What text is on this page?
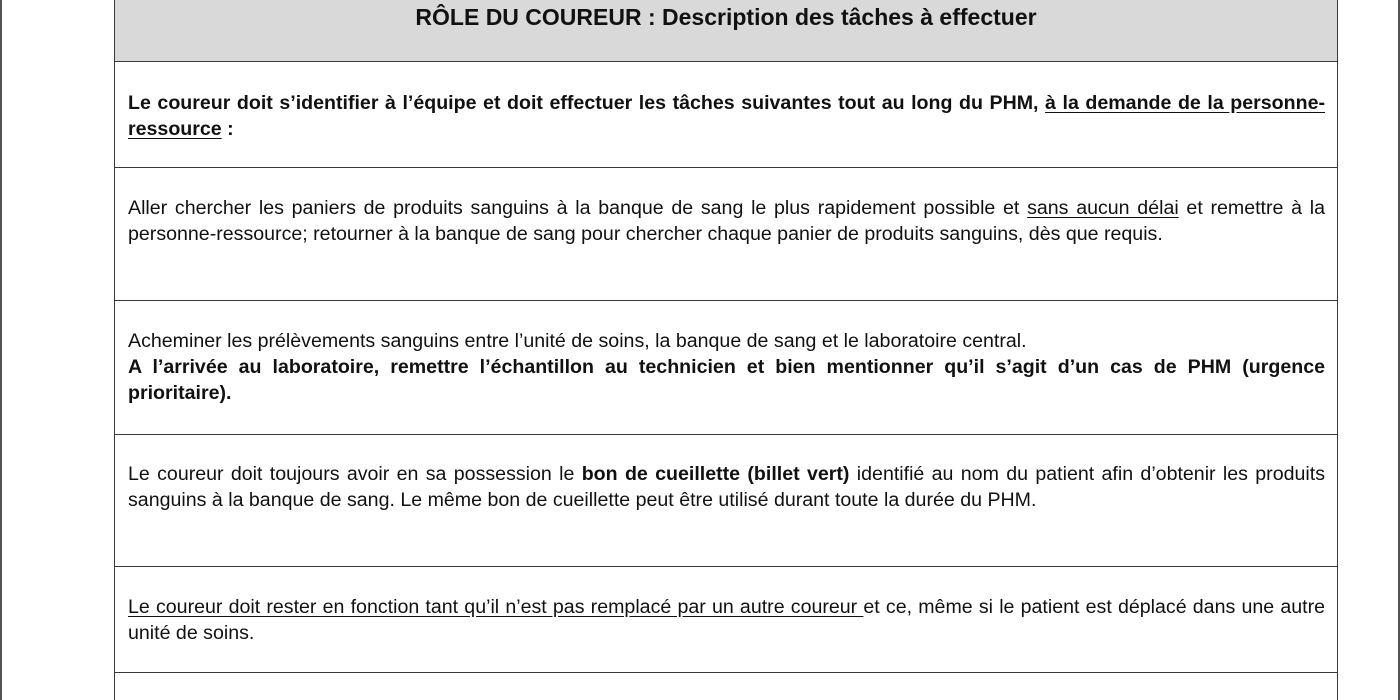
RÔLE DU COUREUR : Description des tâches à effectuer

Le coureur doit s’identifier à l’équipe et doit effectuer les tâches suivantes tout au long du PHM, à la demande de la personne-ressource :

Aller chercher les paniers de produits sanguins à la banque de sang le plus rapidement possible et sans aucun délai et remettre à la personne-ressource; retourner à la banque de sang pour chercher chaque panier de produits sanguins, dès que requis.

Acheminer les prélèvements sanguins entre l’unité de soins, la banque de sang et le laboratoire central.

A l’arrivée au laboratoire, remettre l’échantillon au technicien et bien mentionner qu’il s’agit d’un cas de PHM (urgence prioritaire).

Le coureur doit toujours avoir en sa possession le bon de cueillette (billet vert) identifié au nom du patient afin d’obtenir les produits sanguins à la banque de sang. Le même bon de cueillette peut être utilisé durant toute la durée du PHM.

Le coureur doit rester en fonction tant qu’il n’est pas remplacé par un autre coureur et ce, même si le patient est déplacé dans une autre unité de soins.
